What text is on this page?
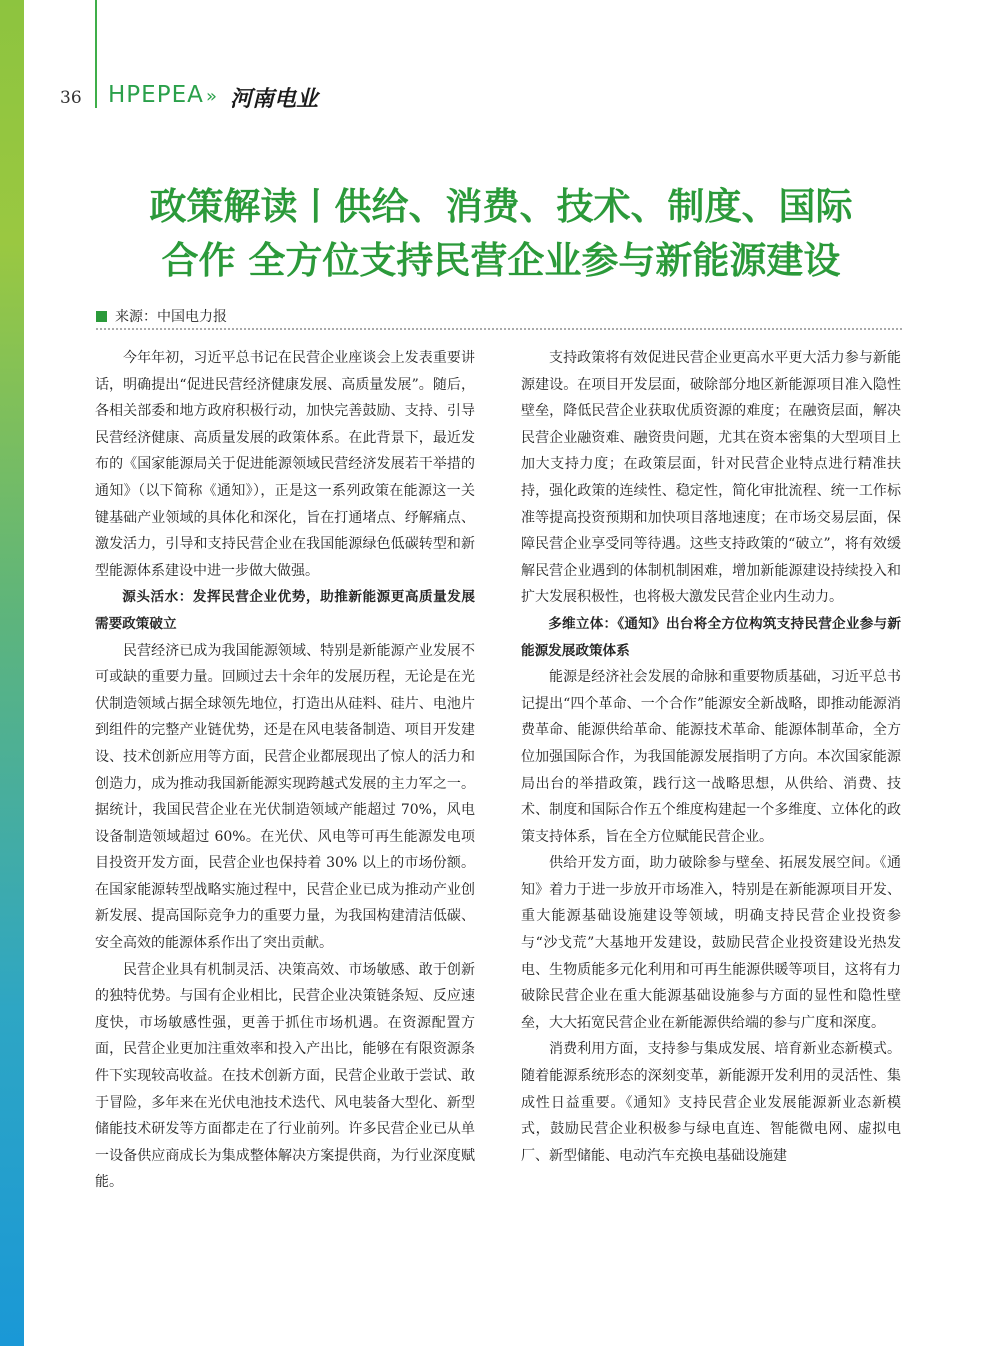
36	HPEPEA » 河南电业
政策解读丨供给、消费、技术、制度、国际
合作 全方位支持民营企业参与新能源建设
来源：中国电力报

今年年初，习近平总书记在民营企业座谈会上发表重要讲话，明确提出“促进民营经济健康发展、高质量发展”。随后，各相关部委和地方政府积极行动，加快完善鼓励、支持、引导民营经济健康、高质量发展的政策体系。在此背景下，最近发布的《国家能源局关于促进能源领域民营经济发展若干举措的通知》（以下简称《通知》），正是这一系列政策在能源这一关键基础产业领域的具体化和深化，旨在打通堵点、纾解痛点、激发活力，引导和支持民营企业在我国能源绿色低碳转型和新型能源体系建设中进一步做大做强。

源头活水：发挥民营企业优势，助推新能源更高质量发展需要政策破立

民营经济已成为我国能源领域、特别是新能源产业发展不可或缺的重要力量。回顾过去十余年的发展历程，无论是在光伏制造领域占据全球领先地位，打造出从硅料、硅片、电池片到组件的完整产业链优势，还是在风电装备制造、项目开发建设、技术创新应用等方面，民营企业都展现出了惊人的活力和创造力，成为推动我国新能源实现跨越式发展的主力军之一。据统计，我国民营企业在光伏制造领域产能超过 70%，风电设备制造领域超过 60%。在光伏、风电等可再生能源发电项目投资开发方面，民营企业也保持着 30% 以上的市场份额。在国家能源转型战略实施过程中，民营企业已成为推动产业创新发展、提高国际竞争力的重要力量，为我国构建清洁低碳、安全高效的能源体系作出了突出贡献。

民营企业具有机制灵活、决策高效、市场敏感、敢于创新的独特优势。与国有企业相比，民营企业决策链条短、反应速度快，市场敏感性强，更善于抓住市场机遇。在资源配置方面，民营企业更加注重效率和投入产出比，能够在有限资源条件下实现较高收益。在技术创新方面，民营企业敢于尝试、敢于冒险，多年来在光伏电池技术迭代、风电装备大型化、新型储能技术研发等方面都走在了行业前列。许多民营企业已从单一设备供应商成长为集成整体解决方案提供商，为行业深度赋能。

支持政策将有效促进民营企业更高水平更大活力参与新能源建设。在项目开发层面，破除部分地区新能源项目准入隐性壁垒，降低民营企业获取优质资源的难度；在融资层面，解决民营企业融资难、融资贵问题，尤其在资本密集的大型项目上加大支持力度；在政策层面，针对民营企业特点进行精准扶持，强化政策的连续性、稳定性，简化审批流程、统一工作标准等提高投资预期和加快项目落地速度；在市场交易层面，保障民营企业享受同等待遇。这些支持政策的“破立”，将有效缓解民营企业遇到的体制机制困难，增加新能源建设持续投入和扩大发展积极性，也将极大激发民营企业内生动力。

多维立体：《通知》出台将全方位构筑支持民营企业参与新能源发展政策体系

能源是经济社会发展的命脉和重要物质基础，习近平总书记提出“四个革命、一个合作”能源安全新战略，即推动能源消费革命、能源供给革命、能源技术革命、能源体制革命，全方位加强国际合作，为我国能源发展指明了方向。本次国家能源局出台的举措政策，践行这一战略思想，从供给、消费、技术、制度和国际合作五个维度构建起一个多维度、立体化的政策支持体系，旨在全方位赋能民营企业。

供给开发方面，助力破除参与壁垒、拓展发展空间。《通知》着力于进一步放开市场准入，特别是在新能源项目开发、重大能源基础设施建设等领域，明确支持民营企业投资参与“沙戈荒”大基地开发建设，鼓励民营企业投资建设光热发电、生物质能多元化利用和可再生能源供暖等项目，这将有力破除民营企业在重大能源基础设施参与方面的显性和隐性壁垒，大大拓宽民营企业在新能源供给端的参与广度和深度。

消费利用方面，支持参与集成发展、培育新业态新模式。随着能源系统形态的深刻变革，新能源开发利用的灵活性、集成性日益重要。《通知》支持民营企业发展能源新业态新模式，鼓励民营企业积极参与绿电直连、智能微电网、虚拟电厂、新型储能、电动汽车充换电基础设施建
